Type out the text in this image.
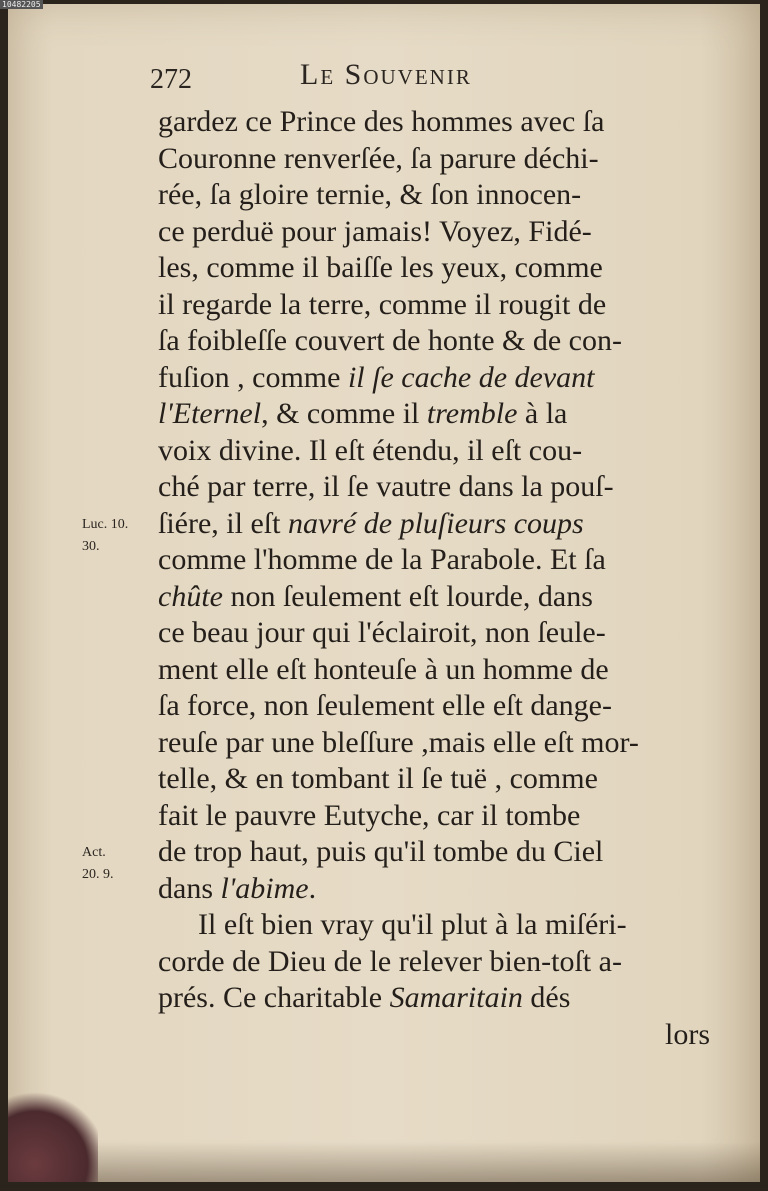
10482205
272	Le Souvenir
gardez ce Prince des hommes avec ſa
Couronne renverſée, ſa parure déchi-
rée, ſa gloire ternie, & ſon innocen-
ce perduë pour jamais! Voyez, Fidé-
les, comme il baiſſe les yeux, comme
il regarde la terre, comme il rougit de
ſa foibleſſe couvert de honte & de con-
fuſion , comme il ſe cache de devant
l'Eternel, & comme il tremble à la
voix divine. Il eſt étendu, il eſt cou-
ché par terre, il ſe vautre dans la pouſ-
ſiére, il eſt navré de pluſieurs coups
comme l'homme de la Parabole. Et ſa
chûte non ſeulement eſt lourde, dans
ce beau jour qui l'éclairoit, non ſeule-
ment elle eſt honteuſe à un homme de
ſa force, non ſeulement elle eſt dange-
reuſe par une bleſſure ,mais elle eſt mor-
telle, & en tombant il ſe tuë , comme
fait le pauvre Eutyche, car il tombe
de trop haut, puis qu'il tombe du Ciel
dans l'abime.
Il eſt bien vray qu'il plut à la miſéri-
corde de Dieu de le relever bien-toſt a-
prés. Ce charitable Samaritain dés
lors
Luc. 10.
30.
Act.
20. 9.
